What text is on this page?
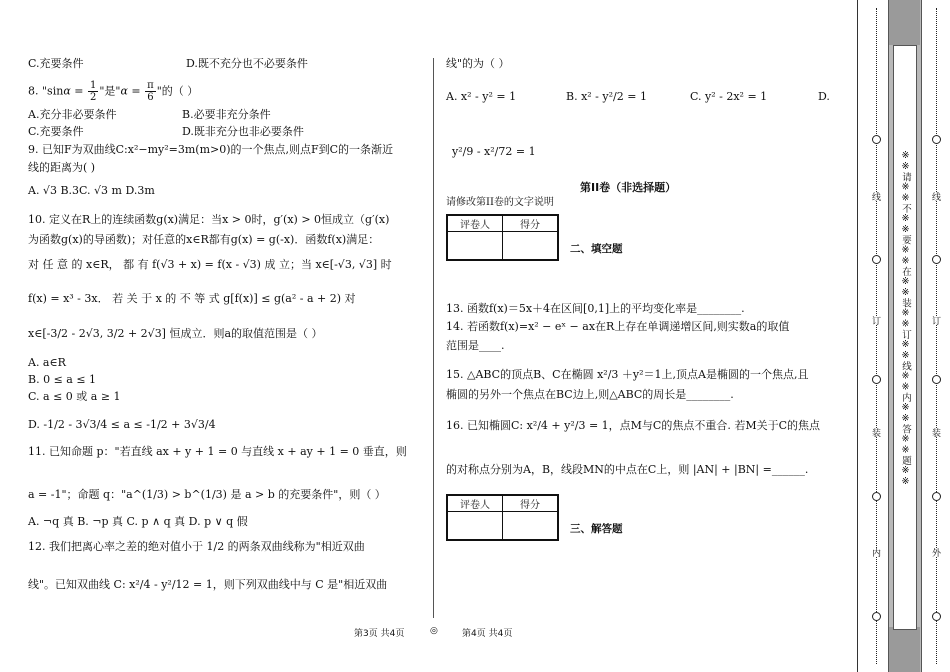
C.充要条件	D.既不充分也不必要条件
8. "$\sin\alpha = \frac{1}{2}$ "是"$\alpha = \frac{\pi}{6}$ "的（ ）
A.充分非必要条件	B.必要非充分条件
C.充要条件	D.既非充分也非必要条件
9. 已知F为双曲线C:x²−my²=3m(m>0)的一个焦点,则点F到C的一条渐近
线的距离为( )
A. √3 B.3C. √3 m D.3m
10. 定义在R上的连续函数g(x)满足：当x > 0时，g′(x) > 0恒成立（g′(x)
为函数g(x)的导函数)；对任意的x∈R都有g(x) = g(-x)．函数f(x)满足：
对 任 意 的 x∈R， 都 有 f(√3 + x) = f(x - √3) 成 立；当 x∈[-√3, √3] 时
f(x) = x³ - 3x． 若 关 于 x 的 不 等 式 g[f(x)] ≤ g(a² - a + 2) 对
x∈[-3/2 - 2√3, 3/2 + 2√3] 恒成立．则a的取值范围是（ ）
A. a∈R
B. 0 ≤ a ≤ 1
C. a ≤ 0 或 a ≥ 1
D. -1/2 - 3√3/4 ≤ a ≤ -1/2 + 3√3/4
11. 已知命题 p："若直线 ax + y + 1 = 0 与直线 x + ay + 1 = 0 垂直，则
a = -1"；命题 q："a^(1/3) > b^(1/3) 是 a > b 的充要条件"，则（ ）
A. ¬q 真 B. ¬p 真 C. p ∧ q 真 D. p ∨ q 假
12. 我们把离心率之差的绝对值小于 1/2 的两条双曲线称为"相近双曲
线"。已知双曲线 C: x²/4 - y²/12 = 1，则下列双曲线中与 C 是"相近双曲
线"的为（ ）
A. x² - y² = 1	B. x² - y²/2 = 1	C. y² - 2x² = 1	D.
y²/9 - x²/72 = 1
第II卷（非选择题）
请修改第II卷的文字说明
评卷人	得分

二、填空题
13. 函数f(x)＝5x＋4在区间[0,1]上的平均变化率是________.
14. 若函数f(x)=x² − eˣ − ax在R上存在单调递增区间,则实数a的取值
范围是____.
15. △ABC的顶点B、C在椭圆 x²/3 ＋y²＝1上,顶点A是椭圆的一个焦点,且
椭圆的另外一个焦点在BC边上,则△ABC的周长是________.
16. 已知椭圆C: x²/4 + y²/3 = 1，点M与C的焦点不重合. 若M关于C的焦点
的对称点分别为A，B，线段MN的中点在C上，则 |AN| + |BN| =______.
评卷人	得分

三、解答题
第3页 共4页	◎	第4页 共4页
线
订
装
内
※※请※※不※※要※※在※※装※※订※※线※※内※※答※※题※※ 线
订
装
外
